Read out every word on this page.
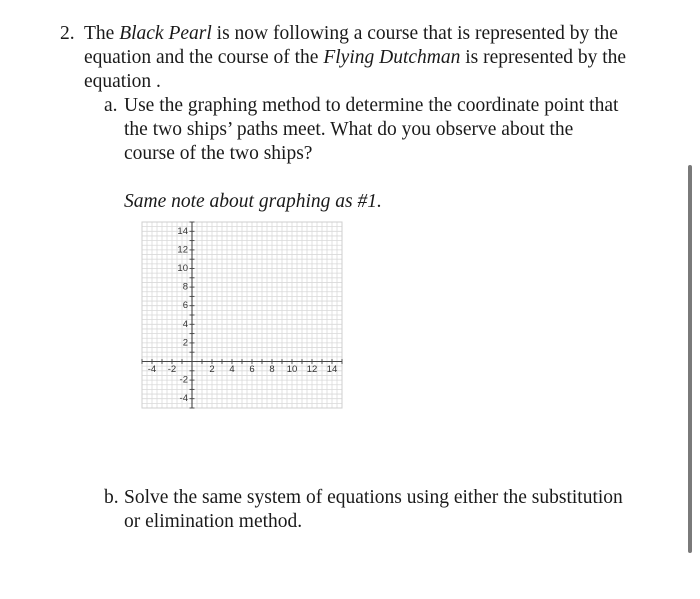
2. The Black Pearl is now following a course that is represented by the
equation and the course of the Flying Dutchman is represented by the
equation .
a. Use the graphing method to determine the coordinate point that
the two ships’ paths meet. What do you observe about the
course of the two ships?
Same note about graphing as #1.
-4 -2	2 4 6 8 10 12 14
14
12
10
8
6
4
2
-2
-4
b. Solve the same system of equations using either the substitution
or elimination method.
